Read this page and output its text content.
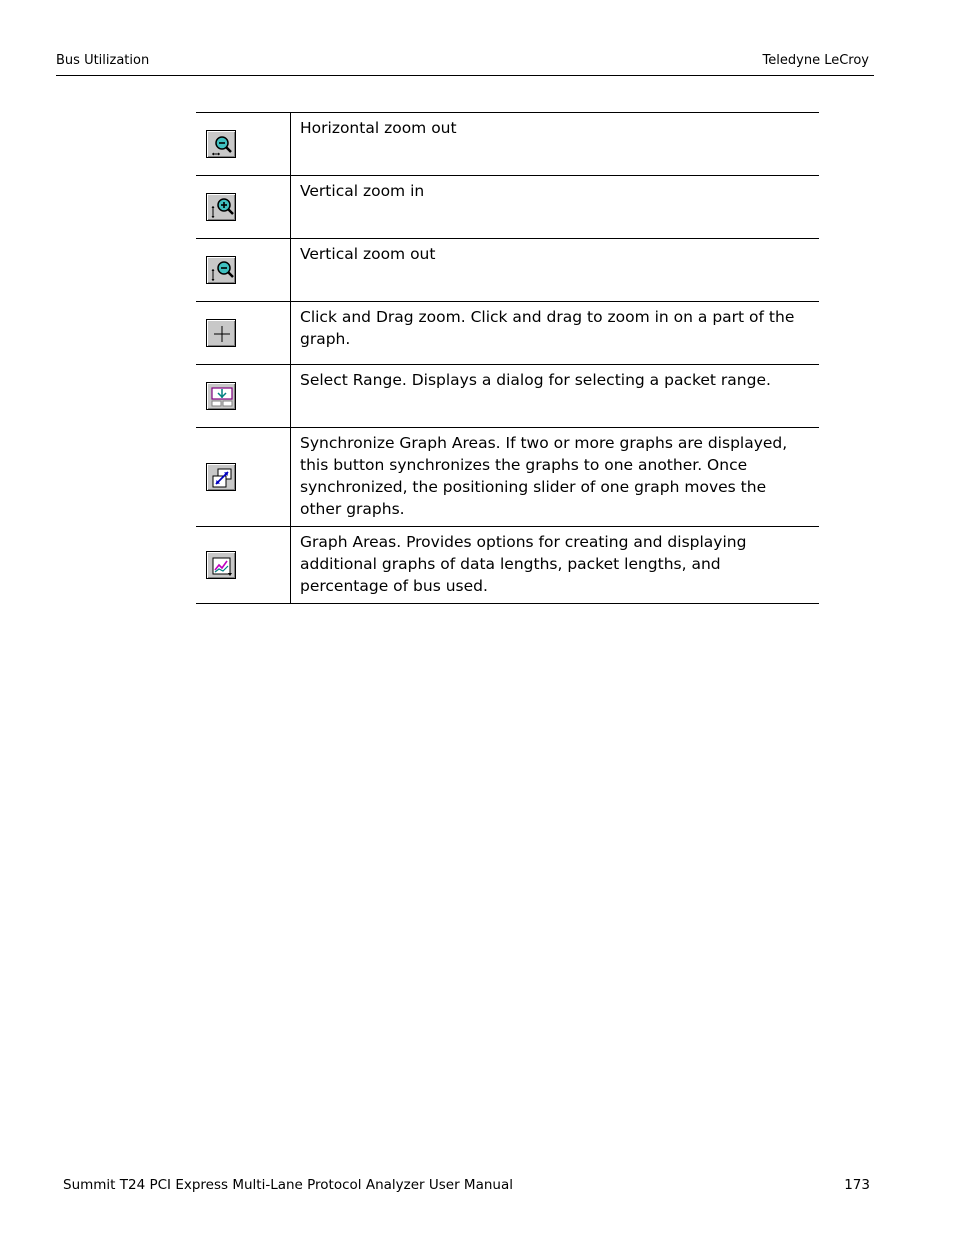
Bus Utilization	Teledyne LeCroy
	Horizontal zoom out

	Vertical zoom in

	Vertical zoom out

	Click and Drag zoom. Click and drag to zoom in on a part of the graph.

	Select Range. Displays a dialog for selecting a packet range.

	Synchronize Graph Areas. If two or more graphs are displayed, this button synchronizes the graphs to one another. Once synchronized, the positioning slider of one graph moves the other graphs.

	Graph Areas. Provides options for creating and displaying additional graphs of data lengths, packet lengths, and percentage of bus used.
Summit T24 PCI Express Multi-Lane Protocol Analyzer User Manual	173
